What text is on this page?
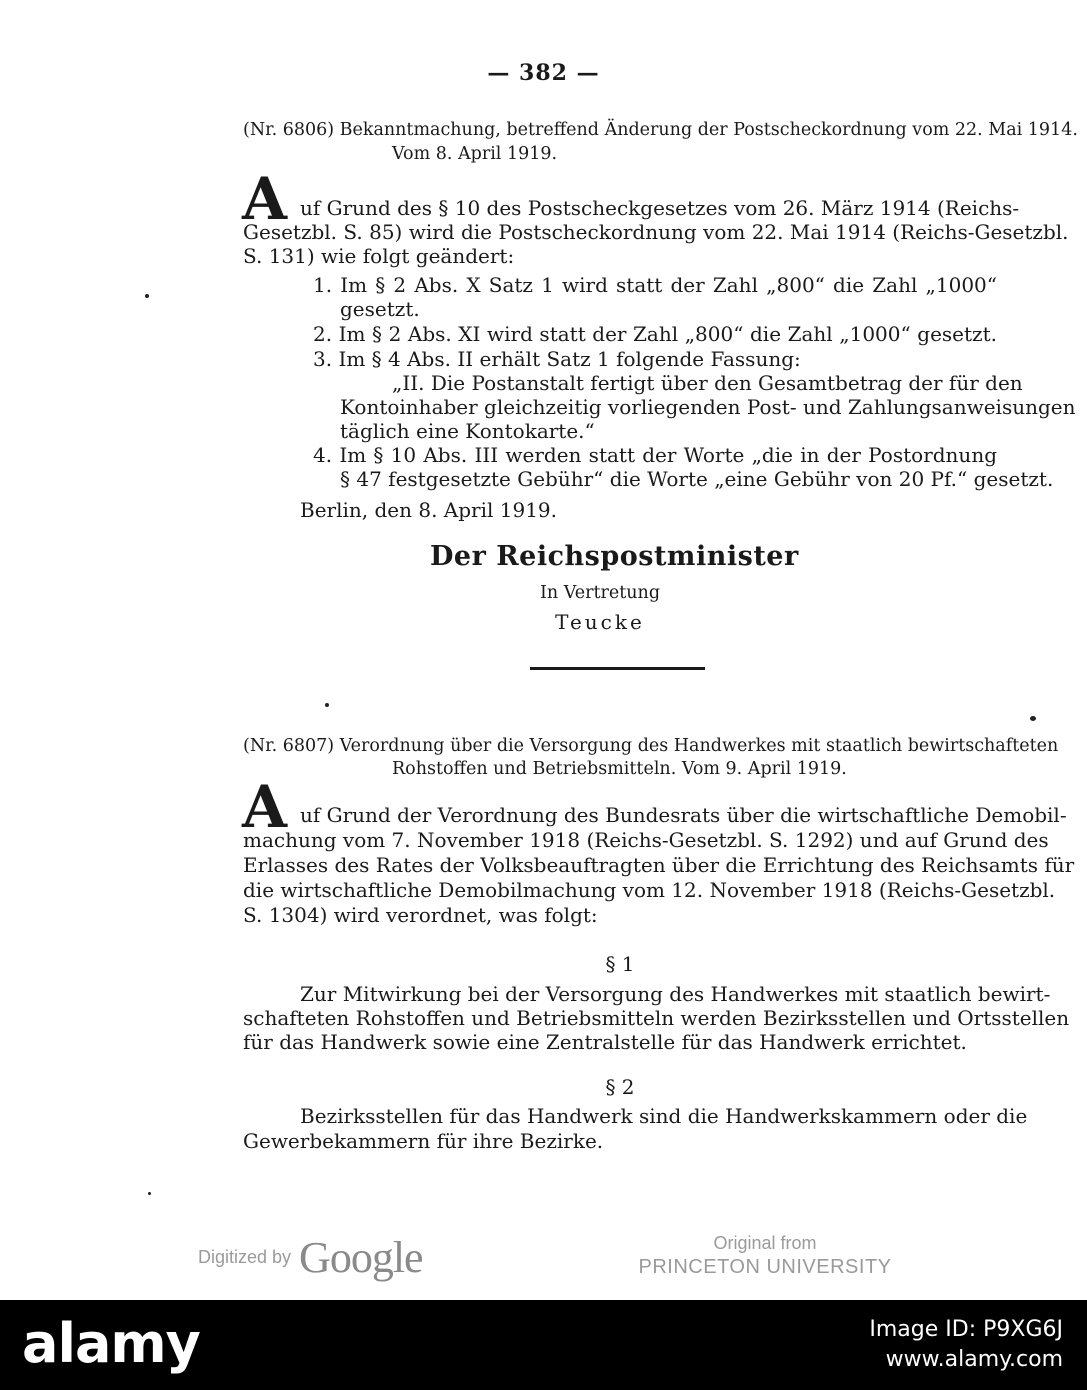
— 382 —
(Nr. 6806) Bekanntmachung, betreffend Änderung der Postscheckordnung vom 22. Mai 1914.
Vom 8. April 1919.
A uf Grund des § 10 des Postscheckgesetzes vom 26. März 1914 (Reichs-
Gesetzbl. S. 85) wird die Postscheckordnung vom 22. Mai 1914 (Reichs-Gesetzbl.
S. 131) wie folgt geändert:
1. Im § 2 Abs. X Satz 1 wird statt der Zahl „800“ die Zahl „1000“
gesetzt.
2. Im § 2 Abs. XI wird statt der Zahl „800“ die Zahl „1000“ gesetzt.
3. Im § 4 Abs. II erhält Satz 1 folgende Fassung:
„II. Die Postanstalt fertigt über den Gesamtbetrag der für den
Kontoinhaber gleichzeitig vorliegenden Post- und Zahlungsanweisungen
täglich eine Kontokarte.“
4. Im § 10 Abs. III werden statt der Worte „die in der Postordnung
§ 47 festgesetzte Gebühr“ die Worte „eine Gebühr von 20 Pf.“ gesetzt.
Berlin, den 8. April 1919.
Der Reichspostminister
In Vertretung
Teucke
(Nr. 6807) Verordnung über die Versorgung des Handwerkes mit staatlich bewirtschafteten
Rohstoffen und Betriebsmitteln. Vom 9. April 1919.
A uf Grund der Verordnung des Bundesrats über die wirtschaftliche Demobil-
machung vom 7. November 1918 (Reichs-Gesetzbl. S. 1292) und auf Grund des
Erlasses des Rates der Volksbeauftragten über die Errichtung des Reichsamts für
die wirtschaftliche Demobilmachung vom 12. November 1918 (Reichs-Gesetzbl.
S. 1304) wird verordnet, was folgt:
§ 1
Zur Mitwirkung bei der Versorgung des Handwerkes mit staatlich bewirt-
schafteten Rohstoffen und Betriebsmitteln werden Bezirksstellen und Ortsstellen
für das Handwerk sowie eine Zentralstelle für das Handwerk errichtet.
§ 2
Bezirksstellen für das Handwerk sind die Handwerkskammern oder die
Gewerbekammern für ihre Bezirke.
Digitized by Google	Original from
PRINCETON UNIVERSITY
alamy	Image ID: P9XG6J
www.alamy.com
